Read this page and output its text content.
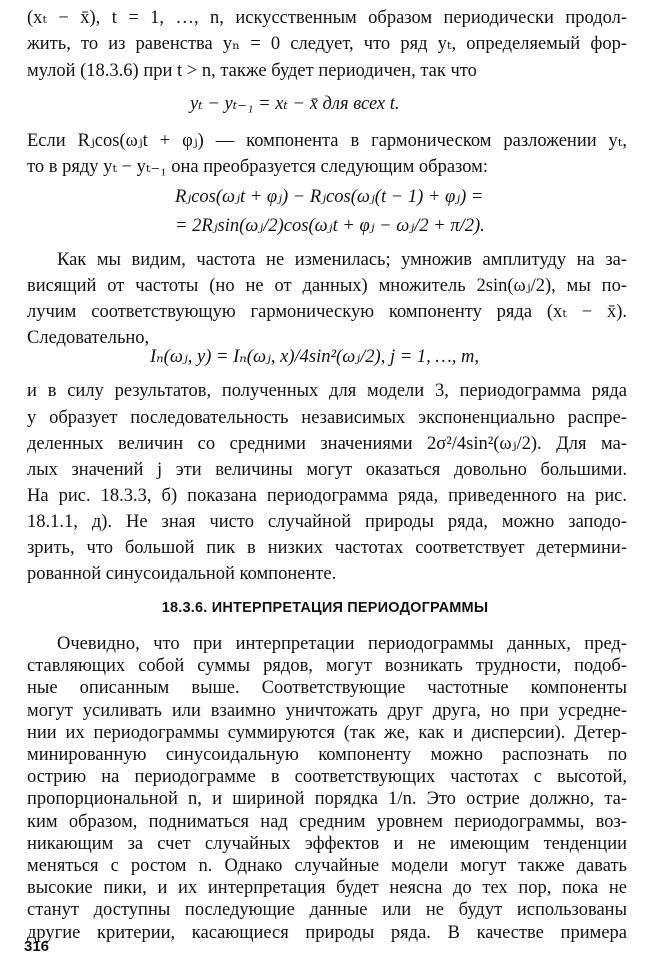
(xₜ − x̄), t = 1, …, n, искусственным образом периодически продол-
жить, то из равенства yₙ = 0 следует, что ряд yₜ, определяемый фор-
мулой (18.3.6) при t > n, также будет периодичен, так что
yₜ − yₜ₋₁ = xₜ − x̄ для всех t.
Если Rⱼcos(ωⱼt + φⱼ) — компонента в гармоническом разложении yₜ,
то в ряду yₜ − yₜ₋₁ она преобразуется следующим образом:
Rⱼcos(ωⱼt + φⱼ) − Rⱼcos(ωⱼ(t − 1) + φⱼ) =
= 2Rⱼsin(ωⱼ/2)cos(ωⱼt + φⱼ − ωⱼ/2 + π/2).
Как мы видим, частота не изменилась; умножив амплитуду на за-
висящий от частоты (но не от данных) множитель 2sin(ωⱼ/2), мы по-
лучим соответствующую гармоническую компоненту ряда (xₜ − x̄).
Следовательно,
Iₙ(ωⱼ, y) = Iₙ(ωⱼ, x)/4sin²(ωⱼ/2), j = 1, …, m,
и в силу результатов, полученных для модели 3, периодограмма ряда
y образует последовательность независимых экспоненциально распре-
деленных величин со средними значениями 2σ²/4sin²(ωⱼ/2). Для ма-
лых значений j эти величины могут оказаться довольно большими.
На рис. 18.3.3, б) показана периодограмма ряда, приведенного на рис.
18.1.1, д). Не зная чисто случайной природы ряда, можно заподо-
зрить, что большой пик в низких частотах соответствует детермини-
рованной синусоидальной компоненте.
18.3.6. ИНТЕРПРЕТАЦИЯ ПЕРИОДОГРАММЫ
Очевидно, что при интерпретации периодограммы данных, пред-
ставляющих собой суммы рядов, могут возникать трудности, подоб-
ные описанным выше. Соответствующие частотные компоненты
могут усиливать или взаимно уничтожать друг друга, но при усредне-
нии их периодограммы суммируются (так же, как и дисперсии). Детер-
минированную синусоидальную компоненту можно распознать по
острию на периодограмме в соответствующих частотах с высотой,
пропорциональной n, и шириной порядка 1/n. Это острие должно, та-
ким образом, подниматься над средним уровнем периодограммы, воз-
никающим за счет случайных эффектов и не имеющим тенденции
меняться с ростом n. Однако случайные модели могут также давать
высокие пики, и их интерпретация будет неясна до тех пор, пока не
станут доступны последующие данные или не будут использованы
316
другие критерии, касающиеся природы ряда. В качестве примера
